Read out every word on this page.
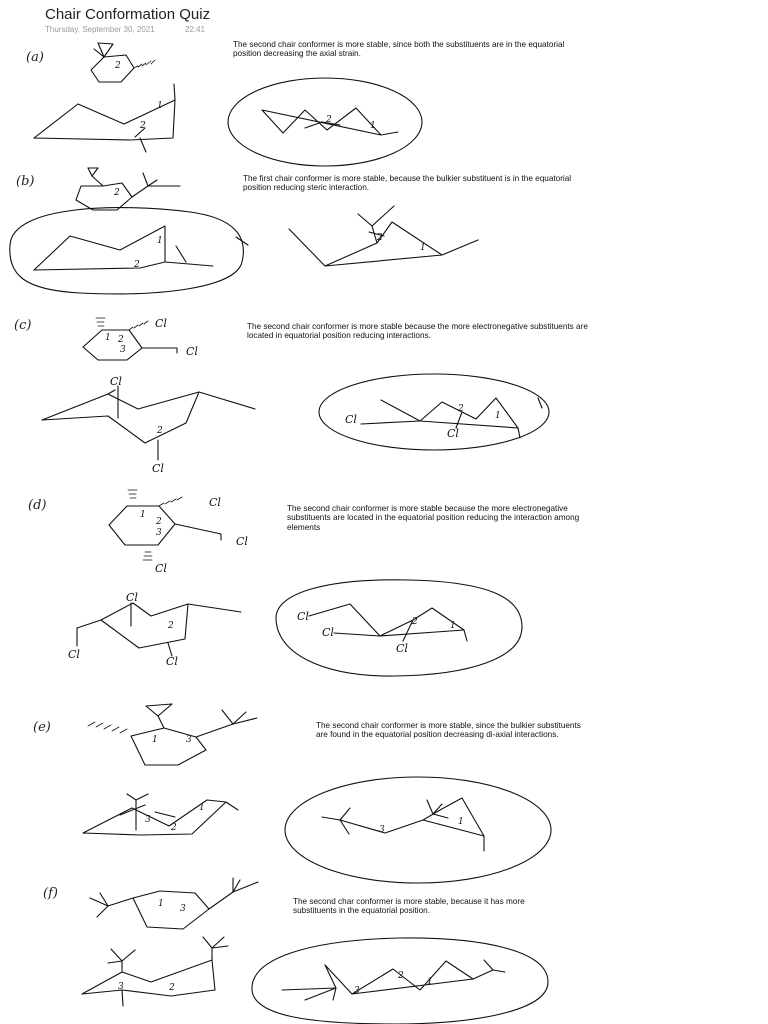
Chair Conformation Quiz
Thursday, September 30, 2021	22:41
(a)
(b)
(c)
(d)
(e)
(f)

The second chair conformer is more stable, since both the substituents are in the equatorial position decreasing the axial strain.

The first chair conformer is more stable, because the bulkier substituent is in the equatorial position reducing steric interaction.

The second chair conformer is more stable because the more electronegative substituents are located in equatorial position reducing interactions.

The second chair conformer is more stable because the more electronegative substituents are located in the equatorial position reducing the interaction among elements

The second chair conformer is more stable, since the bulkier substituents are found in the equatorial position decreasing di-axial interactions.

The second char conformer is more stable, because it has more substituents in the equatorial position.

2
1
2
2
1
2
1
2
1
2
1 2
3
Cl
Cl
Cl
Cl
2
Cl
Cl
2
1
1
2
3
Cl
Cl
Cl
Cl
Cl
Cl
2
Cl
Cl
Cl
2	1
1	3
3
2
1
3
1
1 3
3	2	3
2
1
